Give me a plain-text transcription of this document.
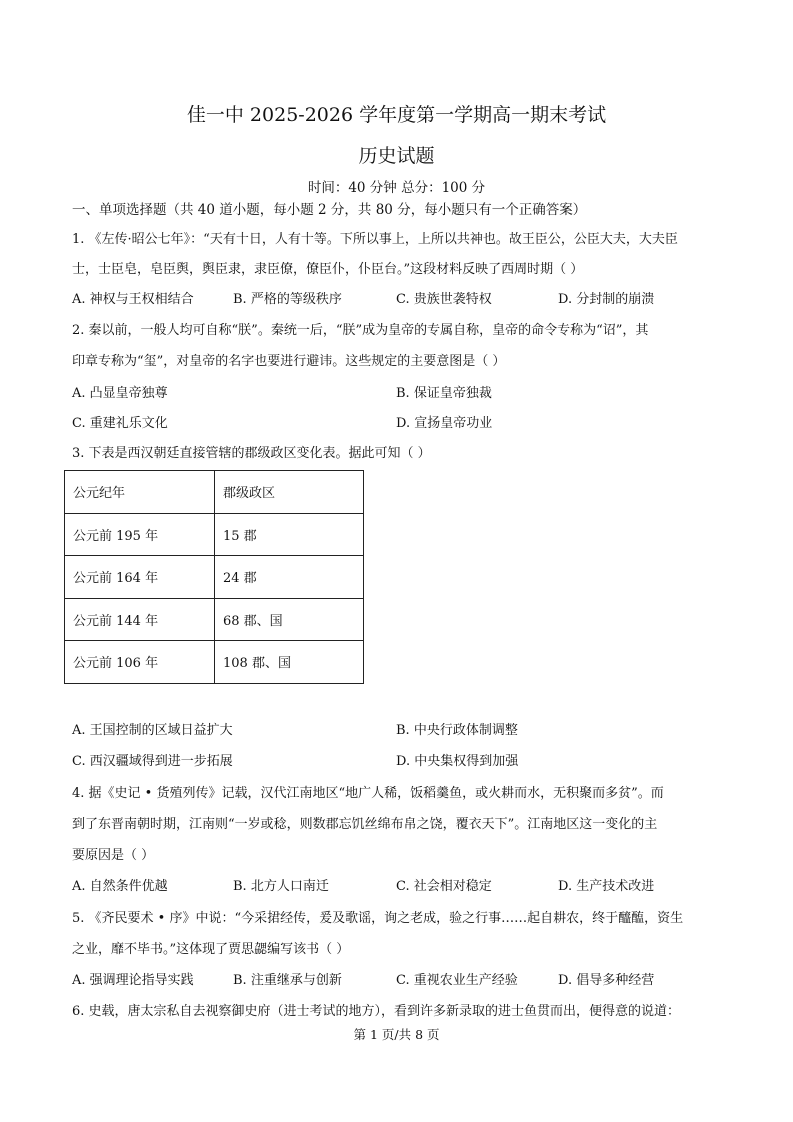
佳一中 2025-2026 学年度第一学期高一期末考试
历史试题
时间：40 分钟 总分：100 分
一、单项选择题（共 40 道小题，每小题 2 分，共 80 分，每小题只有一个正确答案）
1. 《左传·昭公七年》：“天有十日，人有十等。下所以事上，上所以共神也。故王臣公，公臣大夫，大夫臣
士，士臣皂，皂臣舆，舆臣隶，隶臣僚，僚臣仆，仆臣台。”这段材料反映了西周时期（ ）
A. 神权与王权相结合	B. 严格的等级秩序	C. 贵族世袭特权	D. 分封制的崩溃
2. 秦以前，一般人均可自称“朕”。秦统一后，“朕”成为皇帝的专属自称，皇帝的命令专称为“诏”，其
印章专称为“玺”，对皇帝的名字也要进行避讳。这些规定的主要意图是（ ）
A. 凸显皇帝独尊	B. 保证皇帝独裁
C. 重建礼乐文化	D. 宣扬皇帝功业
3. 下表是西汉朝廷直接管辖的郡级政区变化表。据此可知（ ）
公元纪年	郡级政区
公元前 195 年	15 郡
公元前 164 年	24 郡
公元前 144 年	68 郡、国
公元前 106 年	108 郡、国
A. 王国控制的区域日益扩大	B. 中央行政体制调整
C. 西汉疆域得到进一步拓展	D. 中央集权得到加强
4. 据《史记 • 货殖列传》记载，汉代江南地区“地广人稀，饭稻羹鱼，或火耕而水，无积聚而多贫”。而
到了东晋南朝时期，江南则“一岁或稔，则数郡忘饥丝绵布帛之饶，覆衣天下”。江南地区这一变化的主
要原因是（ ）
A. 自然条件优越	B. 北方人口南迁	C. 社会相对稳定	D. 生产技术改进
5. 《齐民要术 • 序》中说：“今采捃经传，爰及歌谣，询之老成，验之行事……起自耕农，终于醯醢，资生
之业，靡不毕书。”这体现了贾思勰编写该书（ ）
A. 强调理论指导实践	B. 注重继承与创新	C. 重视农业生产经验	D. 倡导多种经营
6. 史载，唐太宗私自去视察御史府（进士考试的地方），看到许多新录取的进士鱼贯而出，便得意的说道：
第 1 页/共 8 页
